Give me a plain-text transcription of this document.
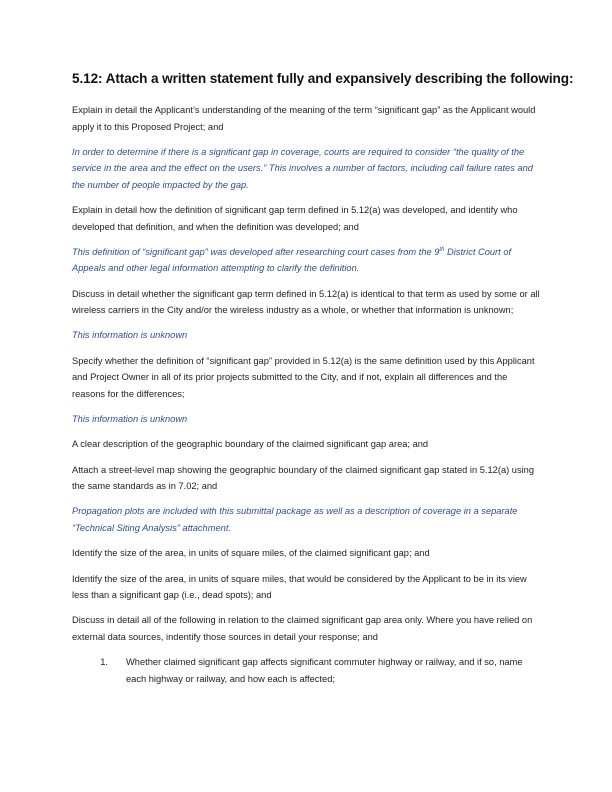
5.12: Attach a written statement fully and expansively describing the following:

Explain in detail the Applicant’s understanding of the meaning of the term “significant gap” as the Applicant would apply it to this Proposed Project; and

In order to determine if there is a significant gap in coverage, courts are required to consider “the quality of the service in the area and the effect on the users.” This involves a number of factors, including call failure rates and the number of people impacted by the gap.

Explain in detail how the definition of significant gap term defined in 5.12(a) was developed, and identify who developed that definition, and when the definition was developed; and

This definition of “significant gap” was developed after researching court cases from the 9th District Court of Appeals and other legal information attempting to clarify the definition.

Discuss in detail whether the significant gap term defined in 5.12(a) is identical to that term as used by some or all wireless carriers in the City and/or the wireless industry as a whole, or whether that information is unknown;

This information is unknown

Specify whether the definition of “significant gap” provided in 5.12(a) is the same definition used by this Applicant and Project Owner in all of its prior projects submitted to the City, and if not, explain all differences and the reasons for the differences;

This information is unknown

A clear description of the geographic boundary of the claimed significant gap area; and

Attach a street-level map showing the geographic boundary of the claimed significant gap stated in 5.12(a) using the same standards as in 7.02; and

Propagation plots are included with this submittal package as well as a description of coverage in a separate “Technical Siting Analysis” attachment.

Identify the size of the area, in units of square miles, of the claimed significant gap; and

Identify the size of the area, in units of square miles, that would be considered by the Applicant to be in its view less than a significant gap (i.e., dead spots); and

Discuss in detail all of the following in relation to the claimed significant gap area only. Where you have relied on external data sources, indentify those sources in detail your response; and

1.	Whether claimed significant gap affects significant commuter highway or railway, and if so, name each highway or railway, and how each is affected;
